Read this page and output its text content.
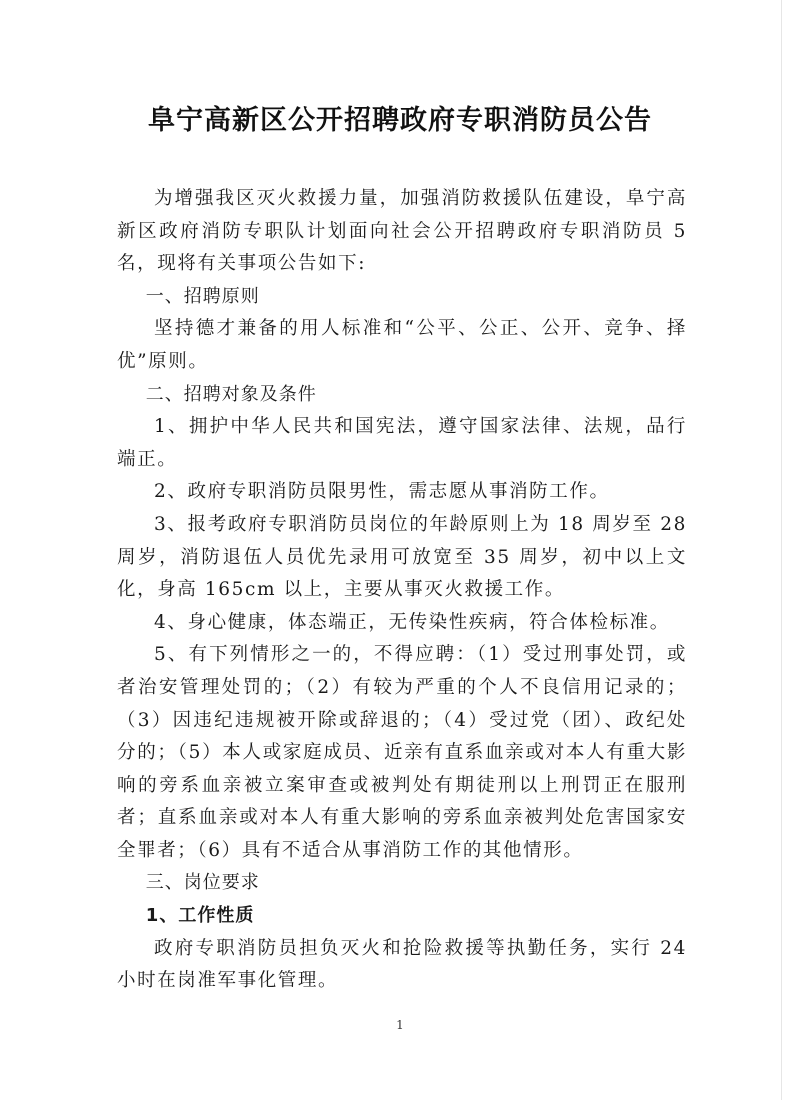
阜宁高新区公开招聘政府专职消防员公告

为增强我区灭火救援力量，加强消防救援队伍建设，阜宁高新区政府消防专职队计划面向社会公开招聘政府专职消防员 5 名，现将有关事项公告如下:

一、招聘原则

坚持德才兼备的用人标准和“公平、公正、公开、竞争、择优”原则。

二、招聘对象及条件

1、拥护中华人民共和国宪法，遵守国家法律、法规，品行端正。

2、政府专职消防员限男性，需志愿从事消防工作。

3、报考政府专职消防员岗位的年龄原则上为 18 周岁至 28 周岁，消防退伍人员优先录用可放宽至 35 周岁，初中以上文化，身高 165cm 以上，主要从事灭火救援工作。

4、身心健康，体态端正，无传染性疾病，符合体检标准。

5、有下列情形之一的，不得应聘：（1）受过刑事处罚，或者治安管理处罚的；（2）有较为严重的个人不良信用记录的；（3）因违纪违规被开除或辞退的；（4）受过党（团）、政纪处分的；（5）本人或家庭成员、近亲有直系血亲或对本人有重大影响的旁系血亲被立案审查或被判处有期徒刑以上刑罚正在服刑者；直系血亲或对本人有重大影响的旁系血亲被判处危害国家安全罪者；（6）具有不适合从事消防工作的其他情形。

三、岗位要求

1、工作性质

政府专职消防员担负灭火和抢险救援等执勤任务，实行 24 小时在岗准军事化管理。

1
